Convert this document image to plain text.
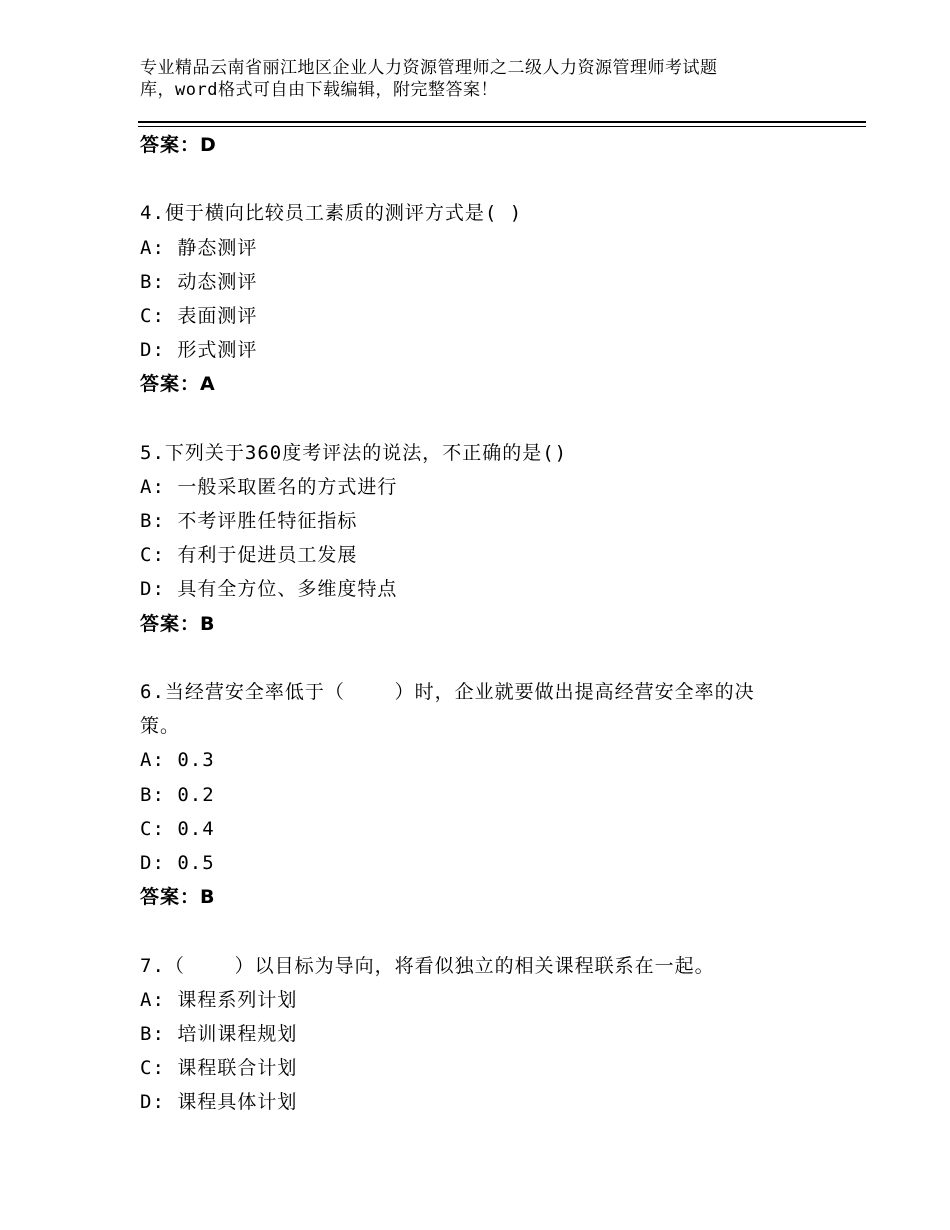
专业精品云南省丽江地区企业人力资源管理师之二级人力资源管理师考试题
库，word格式可自由下载编辑，附完整答案！
答案：D
4.便于横向比较员工素质的测评方式是( )
A: 静态测评
B: 动态测评
C: 表面测评
D: 形式测评
答案：A
5.下列关于360度考评法的说法，不正确的是()
A: 一般采取匿名的方式进行
B: 不考评胜任特征指标
C: 有利于促进员工发展
D: 具有全方位、多维度特点
答案：B
6.当经营安全率低于（    ）时，企业就要做出提高经营安全率的决
策。
A: 0.3
B: 0.2
C: 0.4
D: 0.5
答案：B
7.（    ）以目标为导向，将看似独立的相关课程联系在一起。
A: 课程系列计划
B: 培训课程规划
C: 课程联合计划
D: 课程具体计划
